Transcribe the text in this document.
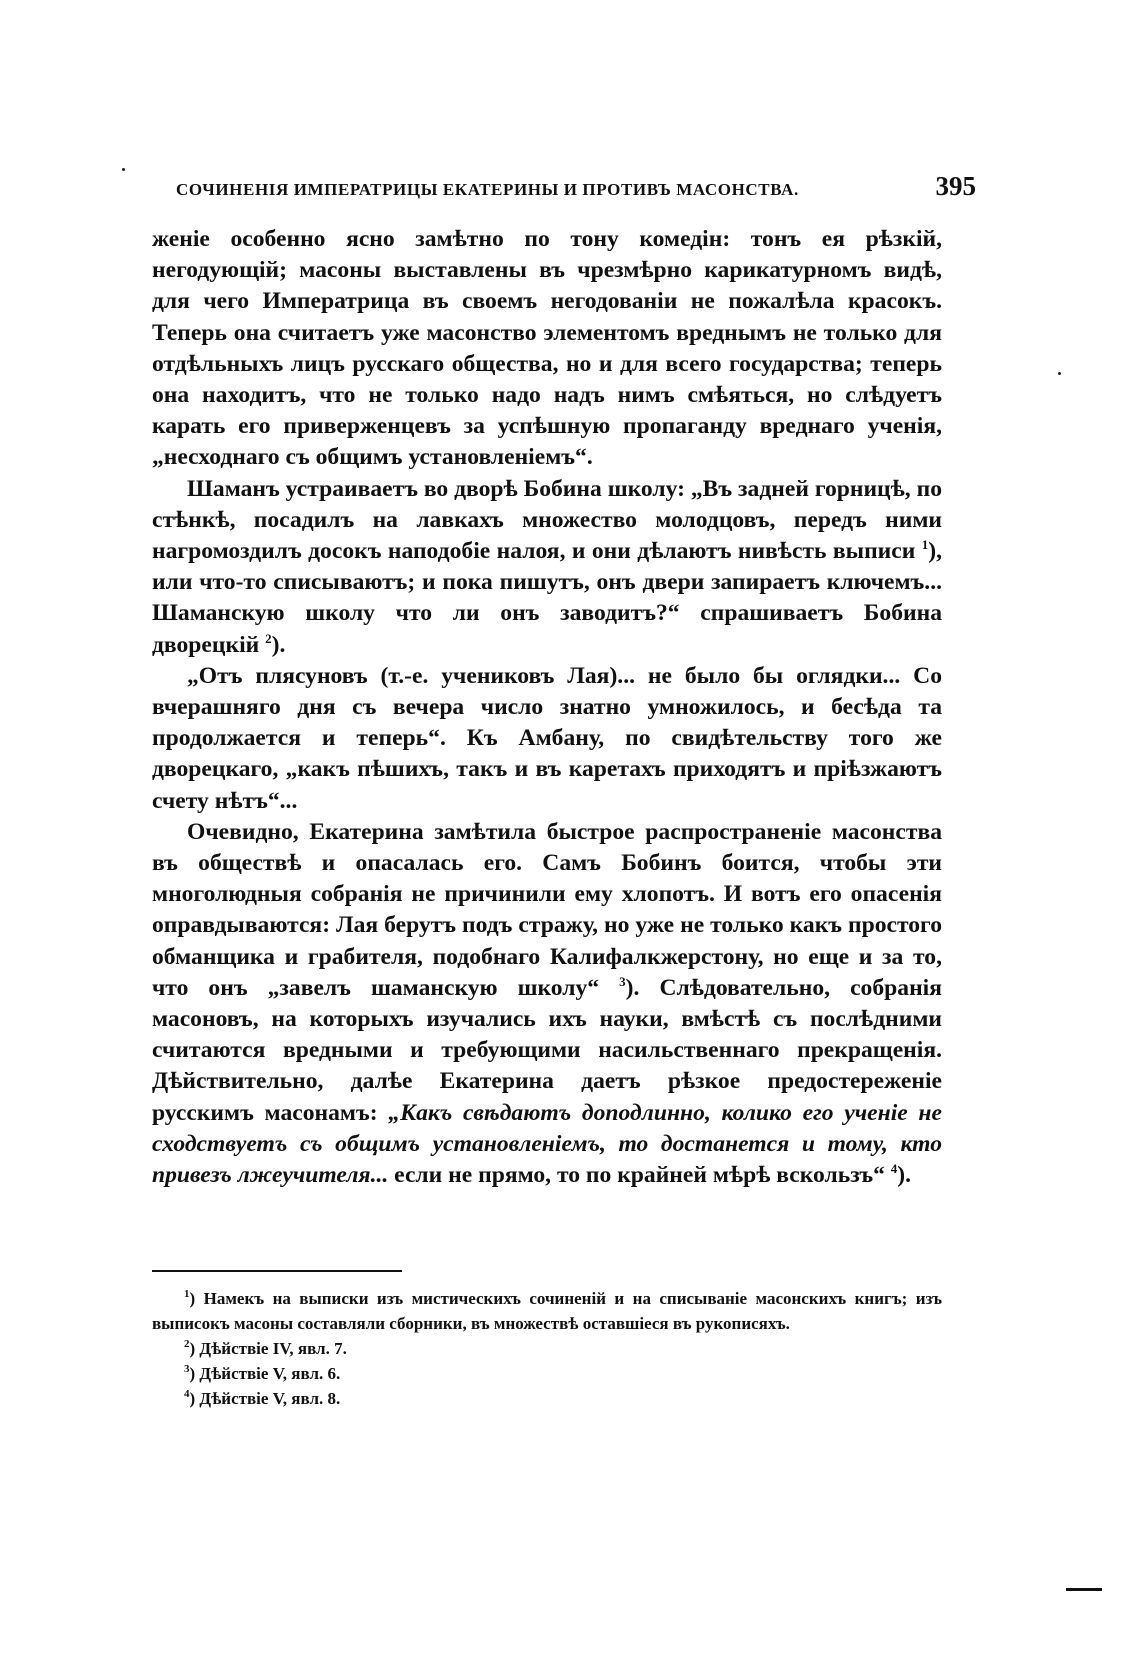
СОЧИНЕНІЯ ИМПЕРАТРИЦЫ ЕКАТЕРИНЫ И ПРОТИВЪ МАСОНСТВА.	395

женіе особенно ясно замѣтно по тону комедін: тонъ ея рѣзкій, негодующій; масоны выставлены въ чрезмѣрно карикатурномъ видѣ, для чего Императрица въ своемъ негодованіи не пожалѣла красокъ. Теперь она считаетъ уже масонство элементомъ вреднымъ не только для отдѣльныхъ лицъ русскаго общества, но и для всего государства; теперь она находитъ, что не только надо надъ нимъ смѣяться, но слѣдуетъ карать его приверженцевъ за успѣшную пропаганду вреднаго ученія, „несходнаго съ общимъ установленіемъ“.

Шаманъ устраиваетъ во дворѣ Бобина школу: „Въ задней горницѣ, по стѣнкѣ, посадилъ на лавкахъ множество молодцовъ, передъ ними нагромоздилъ досокъ наподобіе налоя, и они дѣлаютъ нивѣсть выписи $^1$), или что-то списываютъ; и пока пишутъ, онъ двери запираетъ ключемъ... Шаманскую школу что ли онъ заводитъ?“ спрашиваетъ Бобина дворецкій $^2$).

„Отъ плясуновъ (т.-е. учениковъ Лая)... не было бы оглядки... Со вчерашняго дня съ вечера число знатно умножилось, и бесѣда та продолжается и теперь“. Къ Амбану, по свидѣтельству того же дворецкаго, „какъ пѣшихъ, такъ и въ каретахъ приходятъ и пріѣзжаютъ счету нѣтъ“...

Очевидно, Екатерина замѣтила быстрое распространеніе масонства въ обществѣ и опасалась его. Самъ Бобинъ боится, чтобы эти многолюдныя собранія не причинили ему хлопотъ. И вотъ его опасенія оправдываются: Лая берутъ подъ стражу, но уже не только какъ простого обманщика и грабителя, подобнаго Калифалкжерстону, но еще и за то, что онъ „завелъ шаманскую школу“ $^3$). Слѣдовательно, собранія масоновъ, на которыхъ изучались ихъ науки, вмѣстѣ съ послѣдними считаются вредными и требующими насильственнаго прекращенія. Дѣйствительно, далѣе Екатерина даетъ рѣзкое предостереженіе русскимъ масонамъ: „Какъ свѣдаютъ доподлинно, колико его ученіе не сходствуетъ съ общимъ установленіемъ, то достанется и тому, кто привезъ лжеучителя... если не прямо, то по крайней мѣрѣ вскользъ“ $^4$).

$^1$) Намекъ на выписки изъ мистическихъ сочиненій и на списываніе масонскихъ книгъ; изъ выписокъ масоны составляли сборники, въ множествѣ оставшіеся въ рукописяхъ.

$^2$) Дѣйствіе IV, явл. 7.

$^3$) Дѣйствіе V, явл. 6.

$^4$) Дѣйствіе V, явл. 8.
